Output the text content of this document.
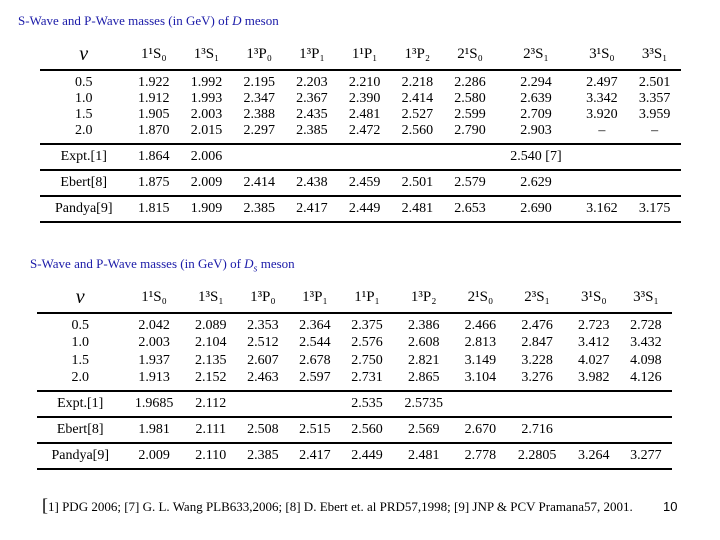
S-Wave and P-Wave masses (in GeV) of D meson
ν	1¹S₀	1³S₁	1³P₀	1³P₁	1¹P₁	1³P₂	2¹S₀	2³S₁	3¹S₀	3³S₁
0.5	1.922	1.992	2.195	2.203	2.210	2.218	2.286	2.294	2.497	2.501
1.0	1.912	1.993	2.347	2.367	2.390	2.414	2.580	2.639	3.342	3.357
1.5	1.905	2.003	2.388	2.435	2.481	2.527	2.599	2.709	3.920	3.959
2.0	1.870	2.015	2.297	2.385	2.472	2.560	2.790	2.903	–	–
Expt.[1]	1.864	2.006						2.540 [7]		
Ebert[8]	1.875	2.009	2.414	2.438	2.459	2.501	2.579	2.629		
Pandya[9]	1.815	1.909	2.385	2.417	2.449	2.481	2.653	2.690	3.162	3.175
S-Wave and P-Wave masses (in GeV) of $D_s$ meson
ν	1¹S₀	1³S₁	1³P₀	1³P₁	1¹P₁	1³P₂	2¹S₀	2³S₁	3¹S₀	3³S₁
0.5	2.042	2.089	2.353	2.364	2.375	2.386	2.466	2.476	2.723	2.728
1.0	2.003	2.104	2.512	2.544	2.576	2.608	2.813	2.847	3.412	3.432
1.5	1.937	2.135	2.607	2.678	2.750	2.821	3.149	3.228	4.027	4.098
2.0	1.913	2.152	2.463	2.597	2.731	2.865	3.104	3.276	3.982	4.126
Expt.[1]	1.9685	2.112			2.535	2.5735				
Ebert[8]	1.981	2.111	2.508	2.515	2.560	2.569	2.670	2.716		
Pandya[9]	2.009	2.110	2.385	2.417	2.449	2.481	2.778	2.2805	3.264	3.277
[1] PDG 2006; [7] G. L. Wang PLB633,2006; [8] D. Ebert et. al PRD57,1998; [9] JNP & PCV Pramana57, 2001.	10
